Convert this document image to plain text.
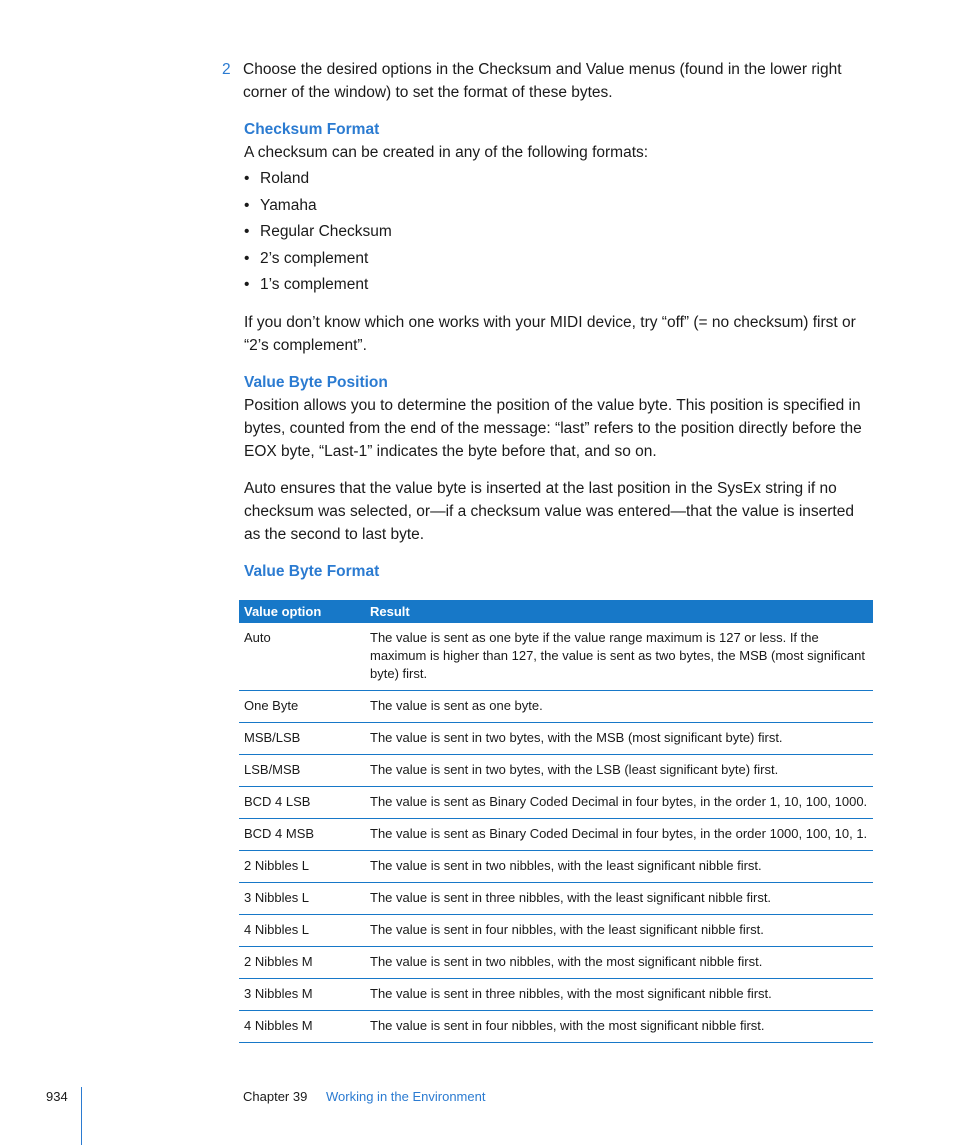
2 Choose the desired options in the Checksum and Value menus (found in the lower right corner of the window) to set the format of these bytes.
Checksum Format
A checksum can be created in any of the following formats:
• Roland
• Yamaha
• Regular Checksum
• 2’s complement
• 1’s complement
If you don’t know which one works with your MIDI device, try “off” (= no checksum) first or “2’s complement”.
Value Byte Position
Position allows you to determine the position of the value byte. This position is specified in bytes, counted from the end of the message: “last” refers to the position directly before the EOX byte, “Last-1” indicates the byte before that, and so on.
Auto ensures that the value byte is inserted at the last position in the SysEx string if no checksum was selected, or—if a checksum value was entered—that the value is inserted as the second to last byte.
Value Byte Format
Value option	Result
Auto	The value is sent as one byte if the value range maximum is 127 or less. If the maximum is higher than 127, the value is sent as two bytes, the MSB (most significant byte) first.
One Byte	The value is sent as one byte.
MSB/LSB	The value is sent in two bytes, with the MSB (most significant byte) first.
LSB/MSB	The value is sent in two bytes, with the LSB (least significant byte) first.
BCD 4 LSB	The value is sent as Binary Coded Decimal in four bytes, in the order 1, 10, 100, 1000.
BCD 4 MSB	The value is sent as Binary Coded Decimal in four bytes, in the order 1000, 100, 10, 1.
2 Nibbles L	The value is sent in two nibbles, with the least significant nibble first.
3 Nibbles L	The value is sent in three nibbles, with the least significant nibble first.
4 Nibbles L	The value is sent in four nibbles, with the least significant nibble first.
2 Nibbles M	The value is sent in two nibbles, with the most significant nibble first.
3 Nibbles M	The value is sent in three nibbles, with the most significant nibble first.
4 Nibbles M	The value is sent in four nibbles, with the most significant nibble first.
934	Chapter 39 Working in the Environment
